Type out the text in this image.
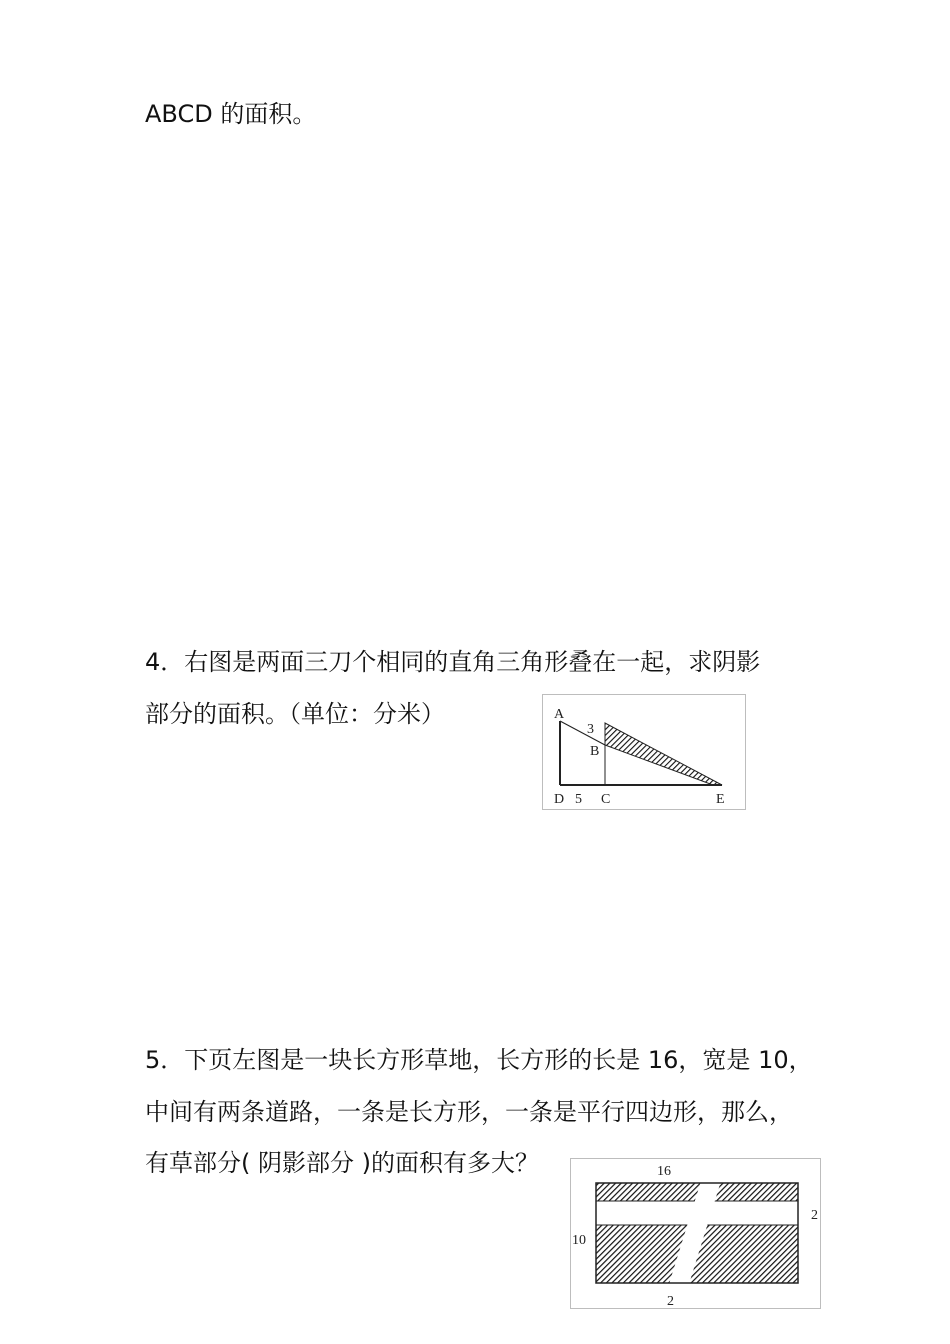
ABCD 的面积。
4．右图是两面三刀个相同的直角三角形叠在一起，求阴影
部分的面积。（单位：分米）	A
3
B
D 5 C	E
5．下页左图是一块长方形草地，长方形的长是 16，宽是 10，
中间有两条道路，一条是长方形，一条是平行四边形，那么，
有草部分( 阴影部分 )的面积有多大？	16
10
2
2
